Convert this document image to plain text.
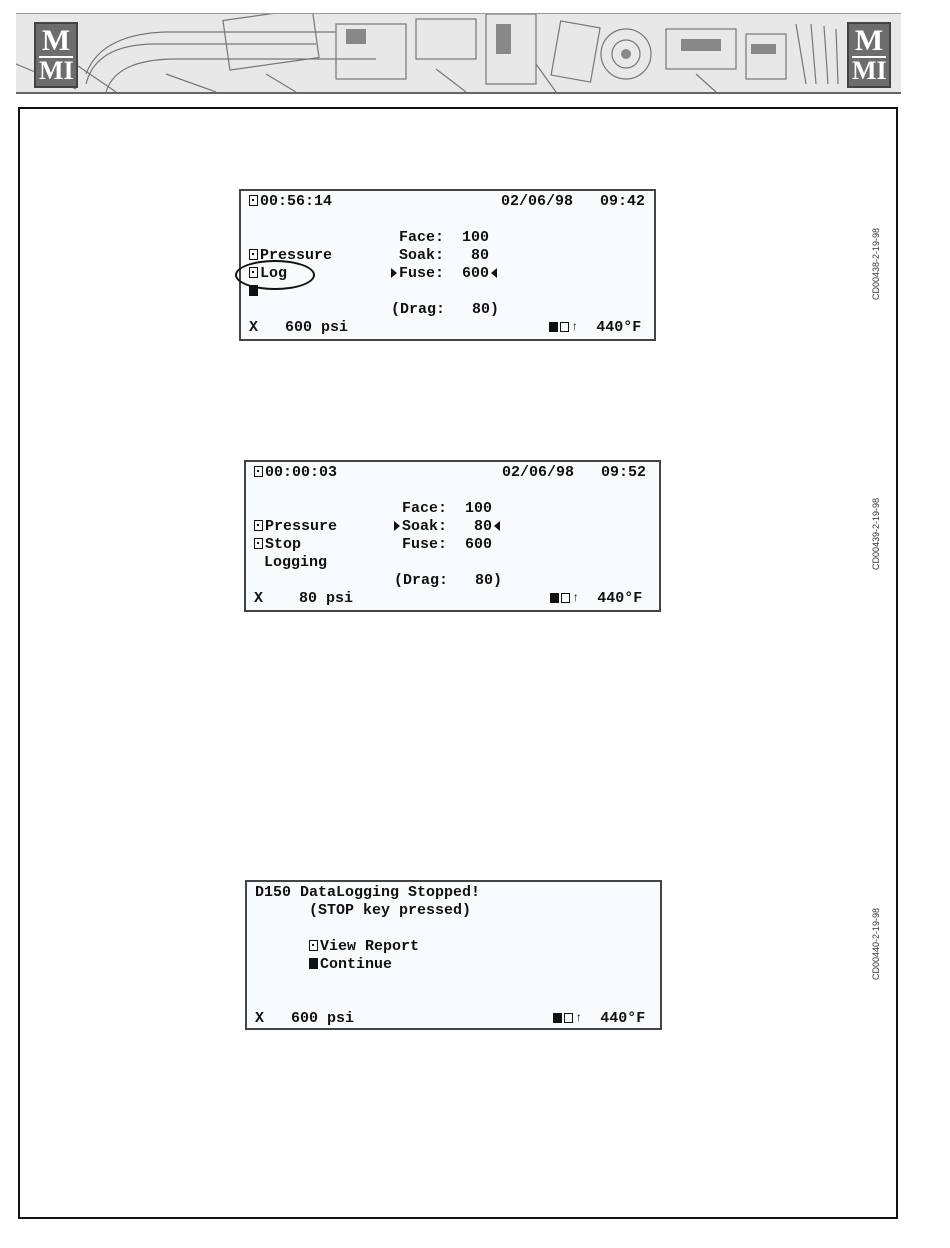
M
MI
M
MI
00:56:14	02/06/98 09:42
Face: 100
Pressure	Soak: 80
Log	Fuse: 600
(Drag:   80)
X   600 psi	↑ 440°F
CD00438-2-19-98
00:00:03	02/06/98 09:52
Face: 100
Pressure	Soak: 80
Stop	Fuse: 600
Logging
(Drag:   80)
X    80 psi	↑ 440°F
CD00439-2-19-98
D150 DataLogging Stopped!
(STOP key pressed)
View Report
Continue
X   600 psi	↑ 440°F
CD00440-2-19-98
